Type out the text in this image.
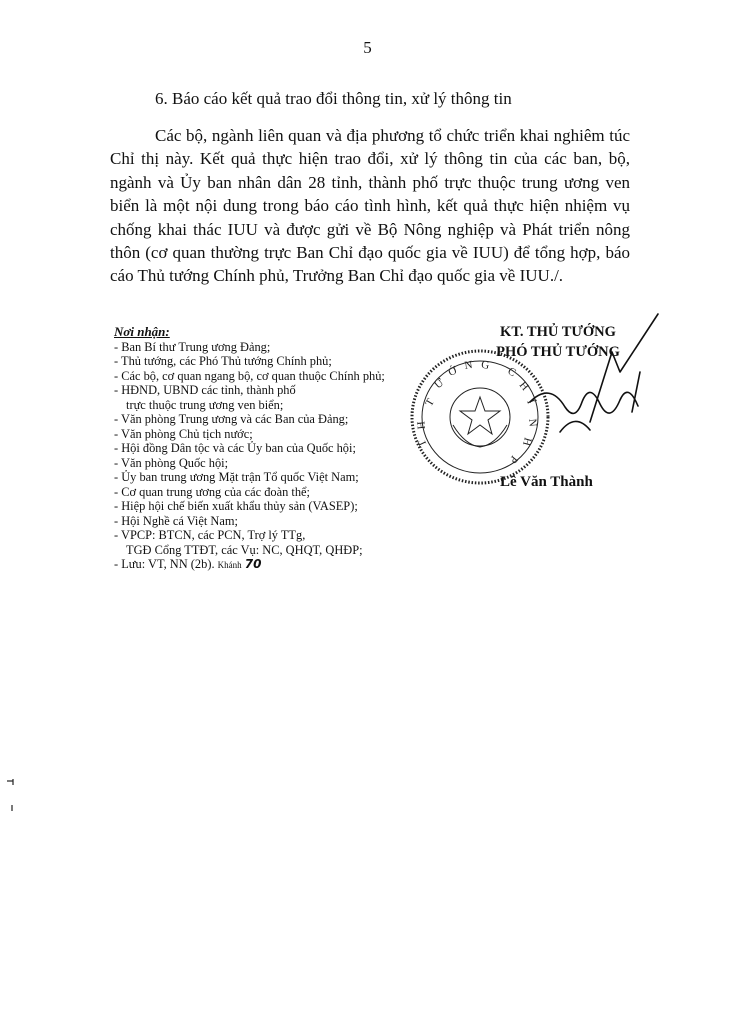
5
6. Báo cáo kết quả trao đổi thông tin, xử lý thông tin

Các bộ, ngành liên quan và địa phương tổ chức triển khai nghiêm túc Chỉ thị này. Kết quả thực hiện trao đổi, xử lý thông tin của các ban, bộ, ngành và Ủy ban nhân dân 28 tỉnh, thành phố trực thuộc trung ương ven biển là một nội dung trong báo cáo tình hình, kết quả thực hiện nhiệm vụ chống khai thác IUU và được gửi về Bộ Nông nghiệp và Phát triển nông thôn (cơ quan thường trực Ban Chỉ đạo quốc gia về IUU) để tổng hợp, báo cáo Thủ tướng Chính phủ, Trưởng Ban Chỉ đạo quốc gia về IUU./.

Nơi nhận:
- Ban Bí thư Trung ương Đảng;
- Thủ tướng, các Phó Thủ tướng Chính phủ;
- Các bộ, cơ quan ngang bộ, cơ quan thuộc Chính phủ;
- HĐND, UBND các tỉnh, thành phố
trực thuộc trung ương ven biển;
- Văn phòng Trung ương và các Ban của Đảng;
- Văn phòng Chủ tịch nước;
- Hội đồng Dân tộc và các Ủy ban của Quốc hội;
- Văn phòng Quốc hội;
- Ủy ban trung ương Mặt trận Tổ quốc Việt Nam;
- Cơ quan trung ương của các đoàn thể;
- Hiệp hội chế biến xuất khẩu thủy sản (VASEP);
- Hội Nghề cá Việt Nam;
- VPCP: BTCN, các PCN, Trợ lý TTg,
TGĐ Cổng TTĐT, các Vụ: NC, QHQT, QHĐP;
- Lưu: VT, NN (2b). Khánh 70
T
Ư
Ớ N G C
H
Í
N
H
H
T
P
KT. THỦ TƯỚNG
PHÓ THỦ TƯỚNG
Lê Văn Thành
